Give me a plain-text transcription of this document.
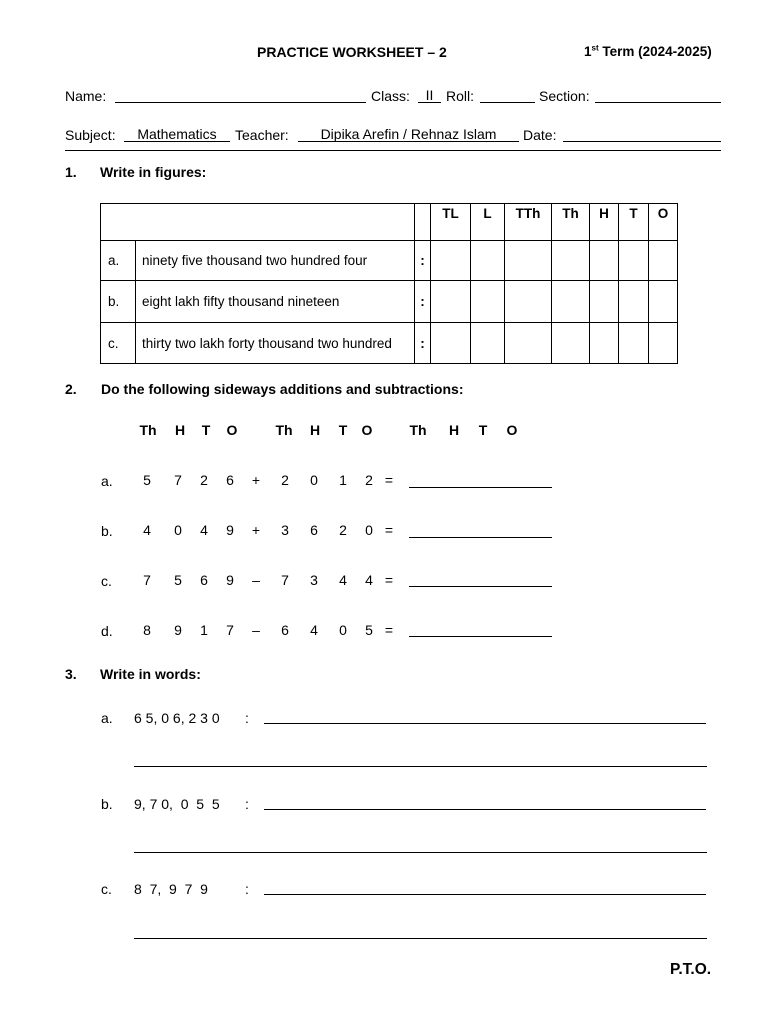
PRACTICE WORKSHEET – 2	1st Term (2024-2025)
Name:	Class:	II Roll:	Section:
Subject:	Mathematics	Teacher:	Dipika Arefin / Rehnaz Islam	Date:
1. Write in figures:
			TL	L	TTh	Th	H	T	O
a.	ninety five thousand two hundred four	:							
b.	eight lakh fifty thousand nineteen	:							
c.	thirty two lakh forty thousand two hundred	:							
2. Do the following sideways additions and subtractions:
Th	H	T	O	Th	H	T	O	Th	H	T	O
a.	5	7	2	6	+	2	0	1	2 =
b.	4	0	4	9	+	3	6	2	0 =
c.	7	5	6	9	–	7	3	4	4 =
d.	8	9	1	7	–	6	4	0	5 =
3. Write in words:
a. 6 5, 0 6, 2 3 0 :
b. 9, 7 0,  0  5  5 :
c. 8  7,  9  7  9	:
P.T.O.
